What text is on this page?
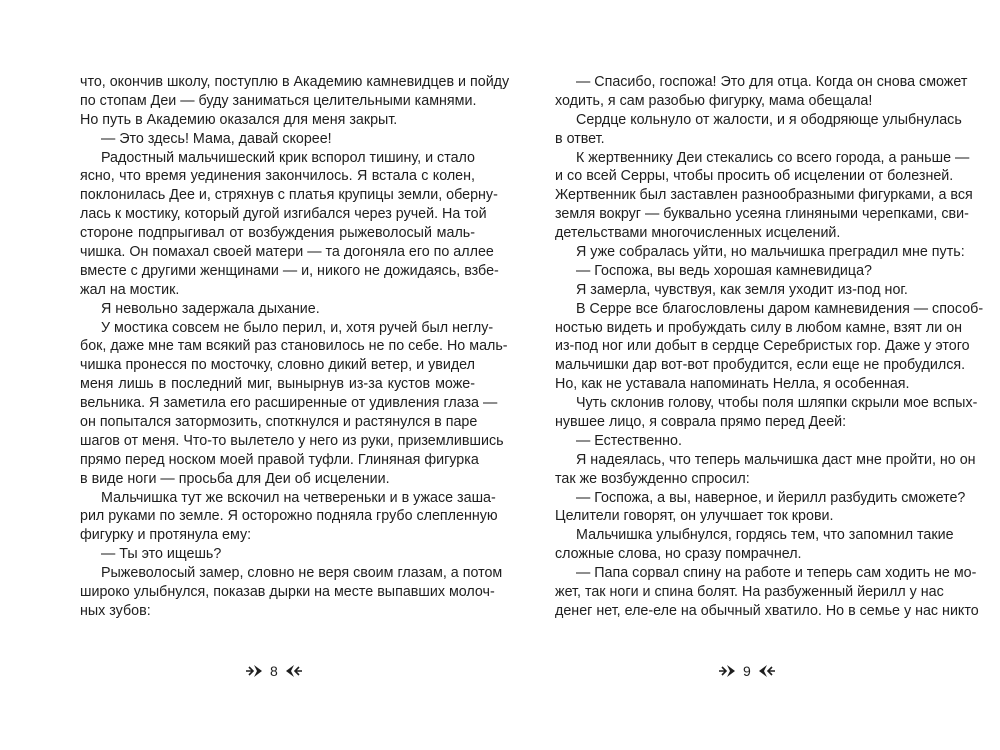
что, окончив школу, поступлю в Академию камневидцев и пойду
по стопам Деи — буду заниматься целительными камнями.
Но путь в Академию оказался для меня закрыт.
— Это здесь! Мама, давай скорее!
Радостный мальчишеский крик вспорол тишину, и стало
ясно, что время уединения закончилось. Я встала с колен,
поклонилась Дее и, стряхнув с платья крупицы земли, оберну-
лась к мостику, который дугой изгибался через ручей. На той
стороне подпрыгивал от возбуждения рыжеволосый маль-
чишка. Он помахал своей матери — та догоняла его по аллее
вместе с другими женщинами — и, никого не дожидаясь, взбе-
жал на мостик.
Я невольно задержала дыхание.
У мостика совсем не было перил, и, хотя ручей был неглу-
бок, даже мне там всякий раз становилось не по себе. Но маль-
чишка пронесся по мосточку, словно дикий ветер, и увидел
меня лишь в последний миг, вынырнув из-за кустов може-
вельника. Я заметила его расширенные от удивления глаза —
он попытался затормозить, споткнулся и растянулся в паре
шагов от меня. Что-то вылетело у него из руки, приземлившись
прямо перед носком моей правой туфли. Глиняная фигурка
в виде ноги — просьба для Деи об исцелении.
Мальчишка тут же вскочил на четвереньки и в ужасе заша-
рил руками по земле. Я осторожно подняла грубо слепленную
фигурку и протянула ему:
— Ты это ищешь?
Рыжеволосый замер, словно не веря своим глазам, а потом
широко улыбнулся, показав дырки на месте выпавших молоч-
ных зубов:
— Спасибо, госпожа! Это для отца. Когда он снова сможет
ходить, я сам разобью фигурку, мама обещала!
Сердце кольнуло от жалости, и я ободряюще улыбнулась
в ответ.
К жертвеннику Деи стекались со всего города, а раньше —
и со всей Серры, чтобы просить об исцелении от болезней.
Жертвенник был заставлен разнообразными фигурками, а вся
земля вокруг — буквально усеяна глиняными черепками, сви-
детельствами многочисленных исцелений.
Я уже собралась уйти, но мальчишка преградил мне путь:
— Госпожа, вы ведь хорошая камневидица?
Я замерла, чувствуя, как земля уходит из-под ног.
В Серре все благословлены даром камневидения — способ-
ностью видеть и пробуждать силу в любом камне, взят ли он
из-под ног или добыт в сердце Серебристых гор. Даже у этого
мальчишки дар вот-вот пробудится, если еще не пробудился.
Но, как не уставала напоминать Нелла, я особенная.
Чуть склонив голову, чтобы поля шляпки скрыли мое вспых-
нувшее лицо, я соврала прямо перед Деей:
— Естественно.
Я надеялась, что теперь мальчишка даст мне пройти, но он
так же возбужденно спросил:
— Госпожа, а вы, наверное, и йерилл разбудить сможете?
Целители говорят, он улучшает ток крови.
Мальчишка улыбнулся, гордясь тем, что запомнил такие
сложные слова, но сразу помрачнел.
— Папа сорвал спину на работе и теперь сам ходить не мо-
жет, так ноги и спина болят. На разбуженный йерилл у нас
денег нет, еле-еле на обычный хватило. Но в семье у нас никто
8	9
